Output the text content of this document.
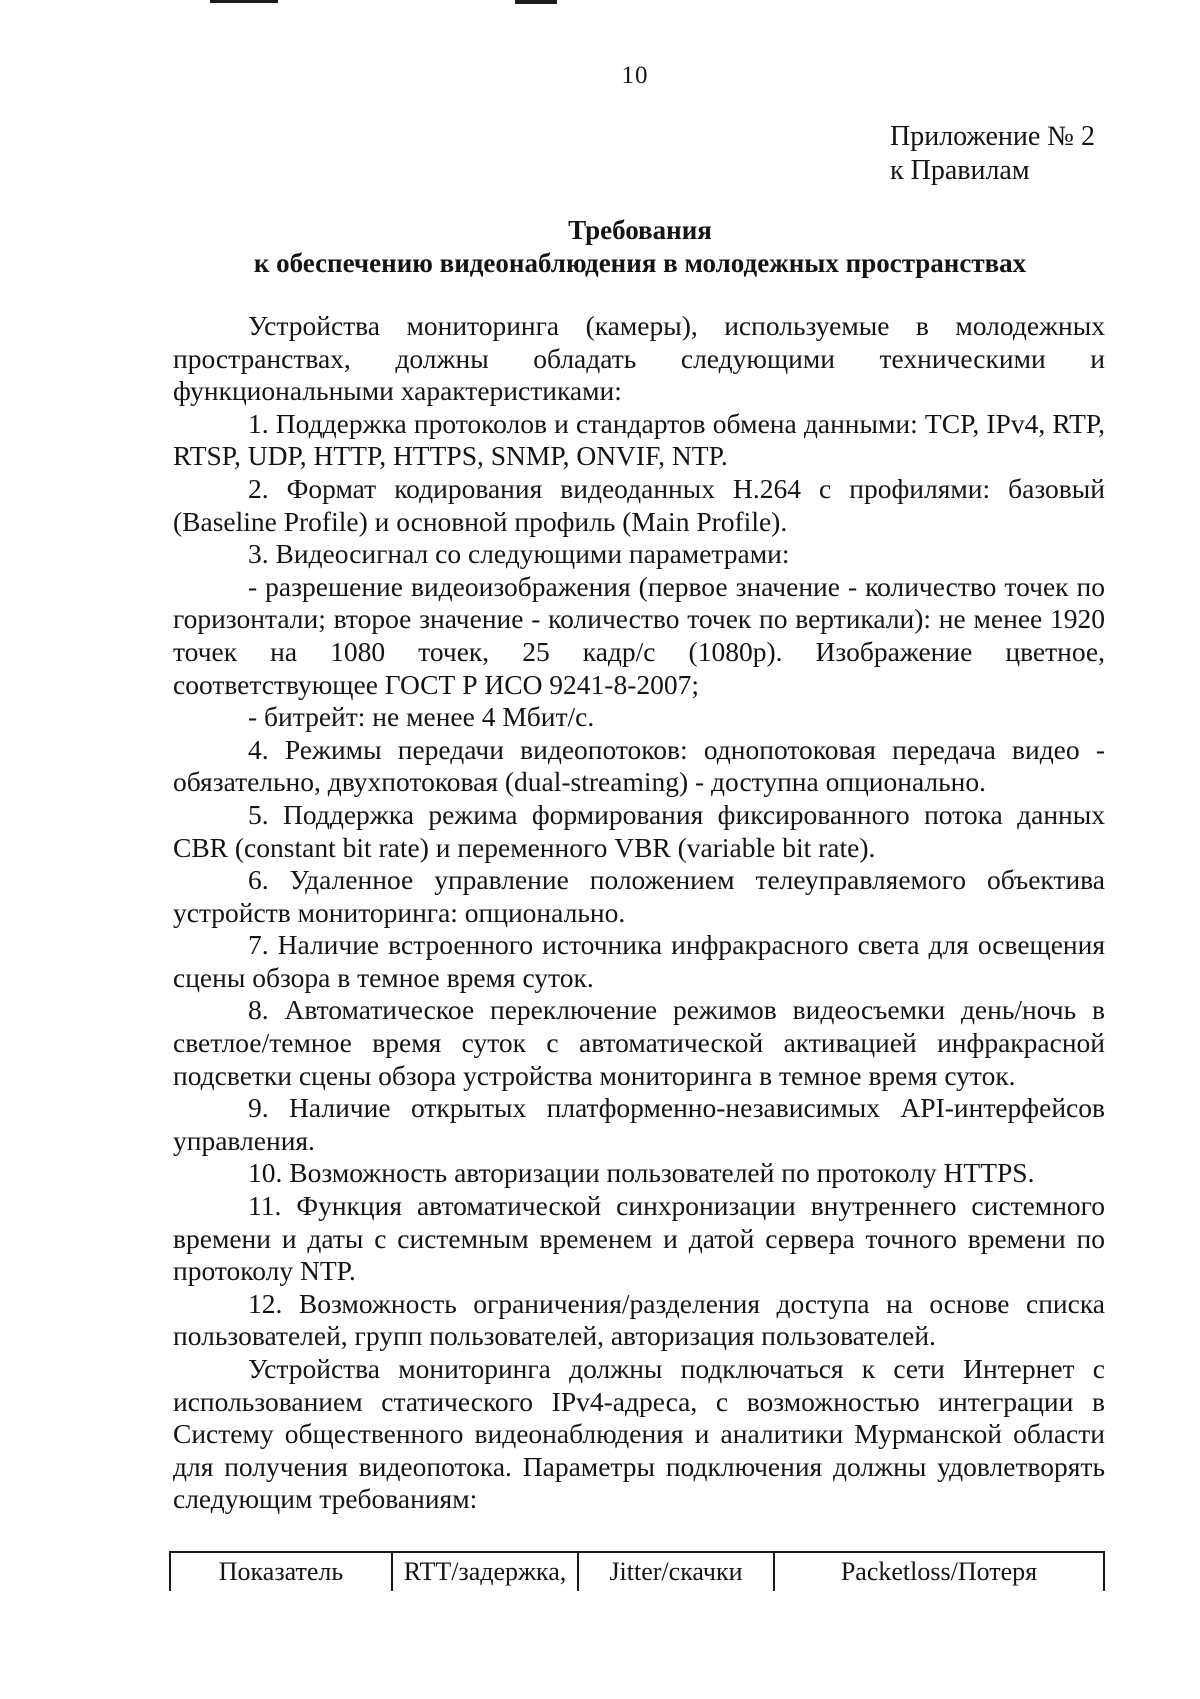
10
Приложение № 2
к Правилам
Требования
к обеспечению видеонаблюдения в молодежных пространствах

Устройства мониторинга (камеры), используемые в молодежных пространствах, должны обладать следующими техническими и функциональными характеристиками:

1. Поддержка протоколов и стандартов обмена данными: TCP, IPv4, RTP, RTSP, UDP, HTTP, HTTPS, SNMP, ONVIF, NTP.

2. Формат кодирования видеоданных H.264 с профилями: базовый (Baseline Profile) и основной профиль (Main Profile).

3. Видеосигнал со следующими параметрами:

- разрешение видеоизображения (первое значение - количество точек по горизонтали; второе значение - количество точек по вертикали): не менее 1920 точек на 1080 точек, 25 кадр/с (1080p). Изображение цветное, соответствующее ГОСТ Р ИСО 9241-8-2007;

- битрейт: не менее 4 Мбит/с.

4. Режимы передачи видеопотоков: однопотоковая передача видео - обязательно, двухпотоковая (dual-streaming) - доступна опционально.

5. Поддержка режима формирования фиксированного потока данных CBR (constant bit rate) и переменного VBR (variable bit rate).

6. Удаленное управление положением телеуправляемого объектива устройств мониторинга: опционально.

7. Наличие встроенного источника инфракрасного света для освещения сцены обзора в темное время суток.

8. Автоматическое переключение режимов видеосъемки день/ночь в светлое/темное время суток с автоматической активацией инфракрасной подсветки сцены обзора устройства мониторинга в темное время суток.

9. Наличие открытых платформенно-независимых API-интерфейсов управления.

10. Возможность авторизации пользователей по протоколу HTTPS.

11. Функция автоматической синхронизации внутреннего системного времени и даты с системным временем и датой сервера точного времени по протоколу NTP.

12. Возможность ограничения/разделения доступа на основе списка пользователей, групп пользователей, авторизация пользователей.

Устройства мониторинга должны подключаться к сети Интернет с использованием статического IPv4-адреса, с возможностью интеграции в Систему общественного видеонаблюдения и аналитики Мурманской области для получения видеопотока. Параметры подключения должны удовлетворять следующим требованиям:

Показатель	RTT/задержка,	Jitter/скачки	Packetloss/Потеря
